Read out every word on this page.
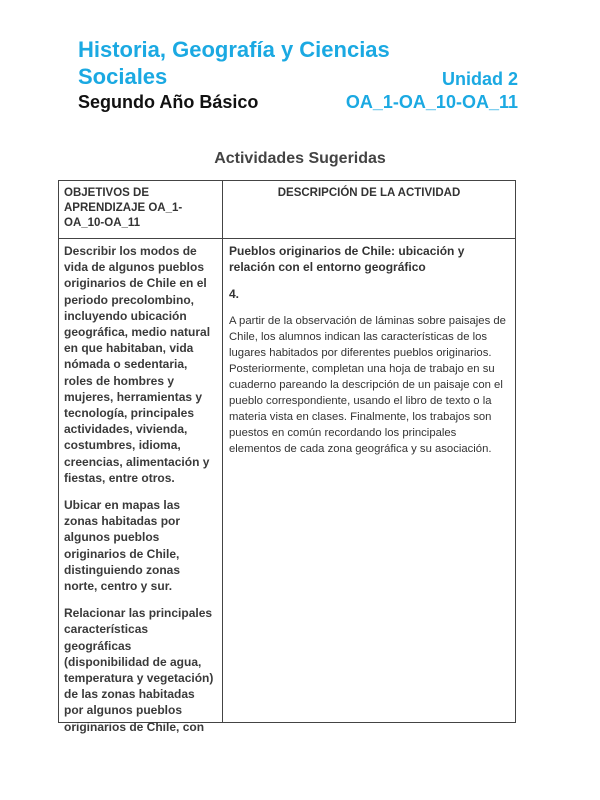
Historia, Geografía y Ciencias
Sociales	Unidad 2
Segundo Año Básico	OA_1-OA_10-OA_11
Actividades Sugeridas
OBJETIVOS DE APRENDIZAJE OA_1-OA_10-OA_11
DESCRIPCIÓN DE LA ACTIVIDAD

Describir los modos de vida de algunos pueblos originarios de Chile en el periodo precolombino, incluyendo ubicación geográfica, medio natural en que habitaban, vida nómada o sedentaria, roles de hombres y mujeres, herramientas y tecnología, principales actividades, vivienda, costumbres, idioma, creencias, alimentación y fiestas, entre otros.

Ubicar en mapas las zonas habitadas por algunos pueblos originarios de Chile, distinguiendo zonas norte, centro y sur.

Relacionar las principales características geográficas (disponibilidad de agua, temperatura y vegetación) de las zonas habitadas por algunos pueblos originarios de Chile, con

Pueblos originarios de Chile: ubicación y relación con el entorno geográfico

4.

A partir de la observación de láminas sobre paisajes de Chile, los alumnos indican las características de los lugares habitados por diferentes pueblos originarios. Posteriormente, completan una hoja de trabajo en su cuaderno pareando la descripción de un paisaje con el pueblo correspondiente, usando el libro de texto o la materia vista en clases. Finalmente, los trabajos son puestos en común recordando los principales elementos de cada zona geográfica y su asociación.
